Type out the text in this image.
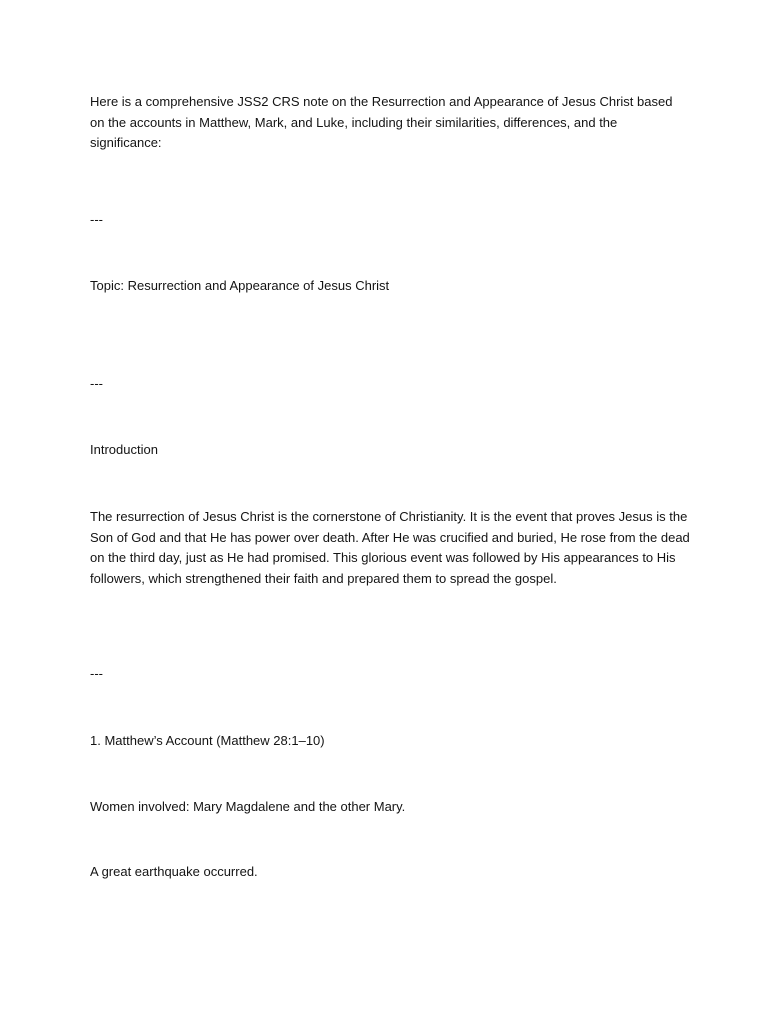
Here is a comprehensive JSS2 CRS note on the Resurrection and Appearance of Jesus Christ based on the accounts in Matthew, Mark, and Luke, including their similarities, differences, and the significance:

---

Topic: Resurrection and Appearance of Jesus Christ

---

Introduction

The resurrection of Jesus Christ is the cornerstone of Christianity. It is the event that proves Jesus is the Son of God and that He has power over death. After He was crucified and buried, He rose from the dead on the third day, just as He had promised. This glorious event was followed by His appearances to His followers, which strengthened their faith and prepared them to spread the gospel.

---

1. Matthew’s Account (Matthew 28:1–10)

Women involved: Mary Magdalene and the other Mary.

A great earthquake occurred.
